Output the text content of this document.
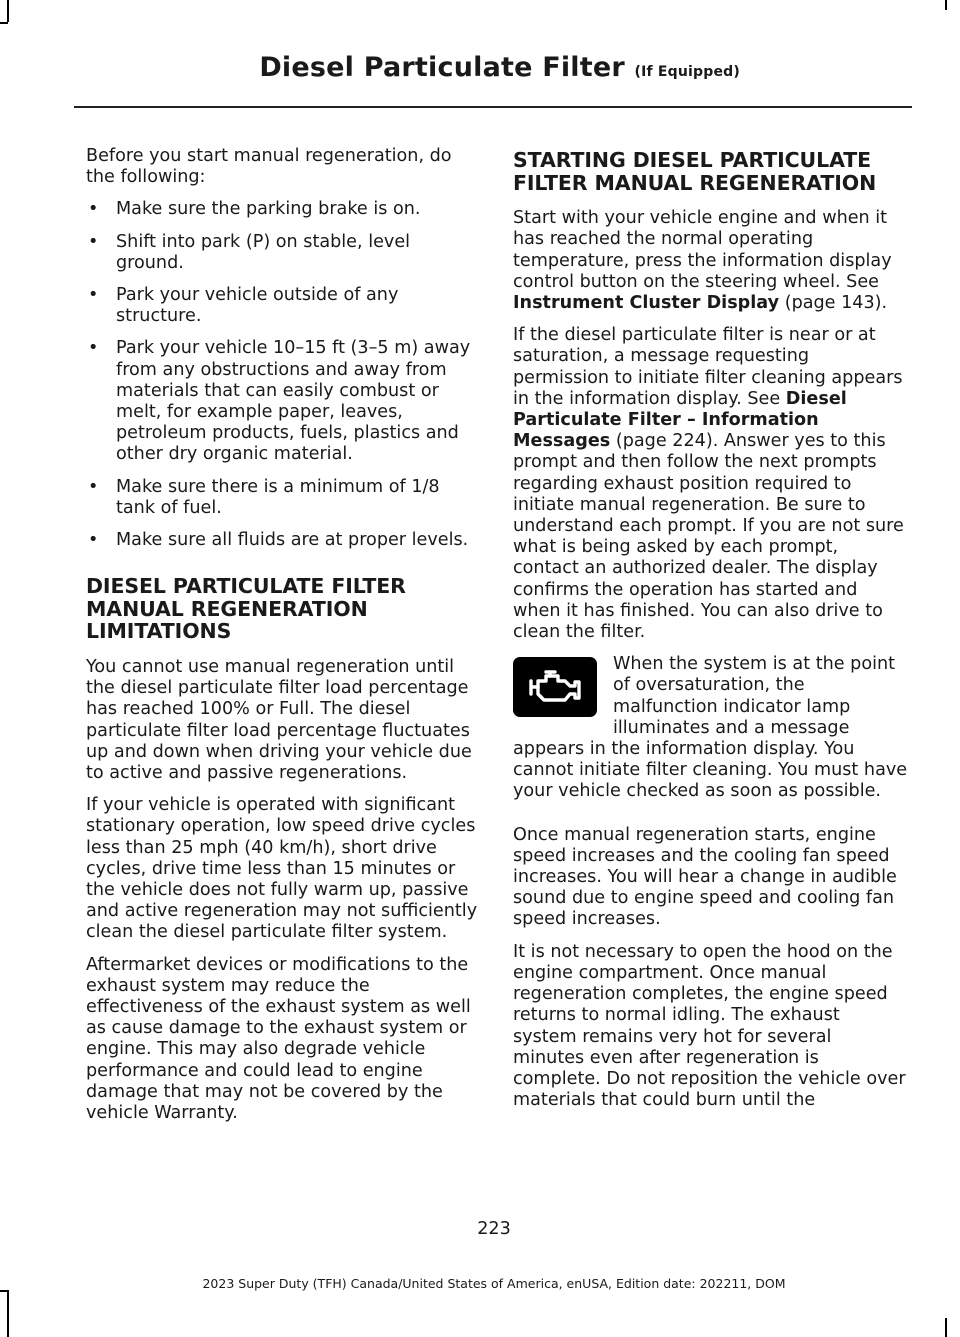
Diesel Particulate Filter (If Equipped)

Before you start manual regeneration, do the following:

• Make sure the parking brake is on.
• Shift into park (P) on stable, level ground.
• Park your vehicle outside of any structure.
• Park your vehicle 10–15 ft (3–5 m) away from any obstructions and away from materials that can easily combust or melt, for example paper, leaves, petroleum products, fuels, plastics and other dry organic material.
• Make sure there is a minimum of 1/8 tank of fuel.
• Make sure all fluids are at proper levels.
DIESEL PARTICULATE FILTER MANUAL REGENERATION LIMITATIONS

You cannot use manual regeneration until the diesel particulate filter load percentage has reached 100% or Full. The diesel particulate filter load percentage fluctuates up and down when driving your vehicle due to active and passive regenerations.

If your vehicle is operated with significant stationary operation, low speed drive cycles less than 25 mph (40 km/h), short drive cycles, drive time less than 15 minutes or the vehicle does not fully warm up, passive and active regeneration may not sufficiently clean the diesel particulate filter system.

Aftermarket devices or modifications to the exhaust system may reduce the effectiveness of the exhaust system as well as cause damage to the exhaust system or engine. This may also degrade vehicle performance and could lead to engine damage that may not be covered by the vehicle Warranty.

STARTING DIESEL PARTICULATE FILTER MANUAL REGENERATION

Start with your vehicle engine and when it has reached the normal operating temperature, press the information display control button on the steering wheel. See Instrument Cluster Display (page 143).

If the diesel particulate filter is near or at saturation, a message requesting permission to initiate filter cleaning appears in the information display. See Diesel Particulate Filter – Information Messages (page 224). Answer yes to this prompt and then follow the next prompts regarding exhaust position required to initiate manual regeneration. Be sure to understand each prompt. If you are not sure what is being asked by each prompt, contact an authorized dealer. The display confirms the operation has started and when it has finished. You can also drive to clean the filter.

When the system is at the point of oversaturation, the malfunction indicator lamp illuminates and a message appears in the information display. You cannot initiate filter cleaning. You must have your vehicle checked as soon as possible.

Once manual regeneration starts, engine speed increases and the cooling fan speed increases. You will hear a change in audible sound due to engine speed and cooling fan speed increases.

It is not necessary to open the hood on the engine compartment. Once manual regeneration completes, the engine speed returns to normal idling. The exhaust system remains very hot for several minutes even after regeneration is complete. Do not reposition the vehicle over materials that could burn until the

223
2023 Super Duty (TFH) Canada/United States of America, enUSA, Edition date: 202211, DOM
